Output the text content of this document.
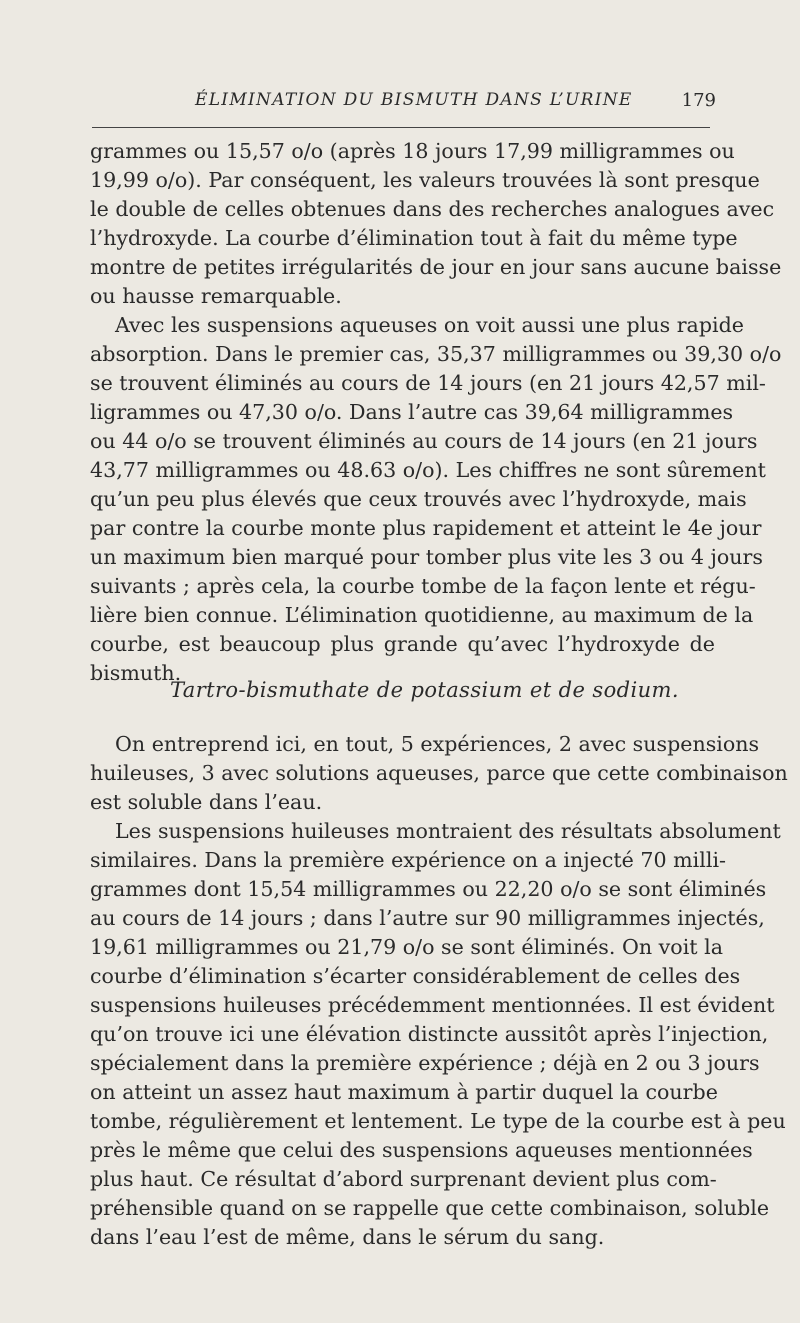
ÉLIMINATION DU BISMUTH DANS L’URINE	179
grammes ou 15,57 o/o (après 18 jours 17,99 milligrammes ou
19,99 o/o). Par conséquent, les valeurs trouvées là sont presque
le double de celles obtenues dans des recherches analogues avec
l’hydroxyde. La courbe d’élimination tout à fait du même type
montre de petites irrégularités de jour en jour sans aucune baisse
ou hausse remarquable.
Avec les suspensions aqueuses on voit aussi une plus rapide
absorption. Dans le premier cas, 35,37 milligrammes ou 39,30 o/o
se trouvent éliminés au cours de 14 jours (en 21 jours 42,57 mil-
ligrammes ou 47,30 o/o. Dans l’autre cas 39,64 milligrammes
ou 44 o/o se trouvent éliminés au cours de 14 jours (en 21 jours
43,77 milligrammes ou 48.63 o/o). Les chiffres ne sont sûrement
qu’un peu plus élevés que ceux trouvés avec l’hydroxyde, mais
par contre la courbe monte plus rapidement et atteint le 4e jour
un maximum bien marqué pour tomber plus vite les 3 ou 4 jours
suivants ; après cela, la courbe tombe de la façon lente et régu-
lière bien connue. L’élimination quotidienne, au maximum de la
courbe, est beaucoup plus grande qu’avec l’hydroxyde de
bismuth.
Tartro-bismuthate de potassium et de sodium.
On entreprend ici, en tout, 5 expériences, 2 avec suspensions
huileuses, 3 avec solutions aqueuses, parce que cette combinaison
est soluble dans l’eau.
Les suspensions huileuses montraient des résultats absolument
similaires. Dans la première expérience on a injecté 70 milli-
grammes dont 15,54 milligrammes ou 22,20 o/o se sont éliminés
au cours de 14 jours ; dans l’autre sur 90 milligrammes injectés,
19,61 milligrammes ou 21,79 o/o se sont éliminés. On voit la
courbe d’élimination s’écarter considérablement de celles des
suspensions huileuses précédemment mentionnées. Il est évident
qu’on trouve ici une élévation distincte aussitôt après l’injection,
spécialement dans la première expérience ; déjà en 2 ou 3 jours
on atteint un assez haut maximum à partir duquel la courbe
tombe, régulièrement et lentement. Le type de la courbe est à peu
près le même que celui des suspensions aqueuses mentionnées
plus haut. Ce résultat d’abord surprenant devient plus com-
préhensible quand on se rappelle que cette combinaison, soluble
dans l’eau l’est de même, dans le sérum du sang.
